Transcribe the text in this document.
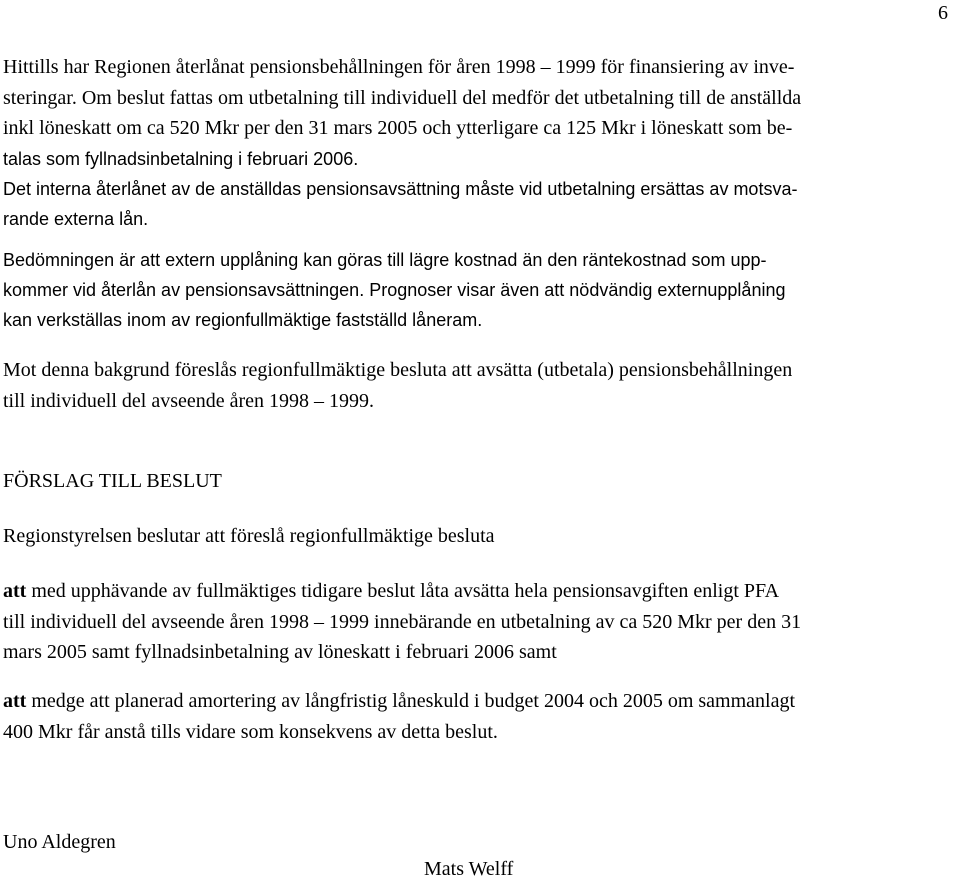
6
Hittills har Regionen återlånat pensionsbehållningen för åren 1998 – 1999 för finansiering av inve-
steringar. Om beslut fattas om utbetalning till individuell del medför det utbetalning till de anställda
inkl löneskatt om ca 520 Mkr per den 31 mars 2005 och ytterligare ca 125 Mkr i löneskatt som be-
talas som fyllnadsinbetalning i februari 2006.
Det interna återlånet av de anställdas pensionsavsättning måste vid utbetalning ersättas av motsva-
rande externa lån.
Bedömningen är att extern upplåning kan göras till lägre kostnad än den räntekostnad som upp-
kommer vid återlån av pensionsavsättningen. Prognoser visar även att nödvändig externupplåning
kan verkställas inom av regionfullmäktige fastställd låneram.
Mot denna bakgrund föreslås regionfullmäktige besluta att avsätta (utbetala) pensionsbehållningen
till individuell del avseende åren 1998 – 1999.
FÖRSLAG TILL BESLUT
Regionstyrelsen beslutar att föreslå regionfullmäktige besluta
att med upphävande av fullmäktiges tidigare beslut låta avsätta hela pensionsavgiften enligt PFA
till individuell del avseende åren 1998 – 1999 innebärande en utbetalning av ca 520 Mkr per den 31
mars 2005 samt fyllnadsinbetalning av löneskatt i februari 2006 samt
att medge att planerad amortering av långfristig låneskuld i budget 2004 och 2005 om sammanlagt
400 Mkr får anstå tills vidare som konsekvens av detta beslut.
Uno Aldegren
Mats Welff
